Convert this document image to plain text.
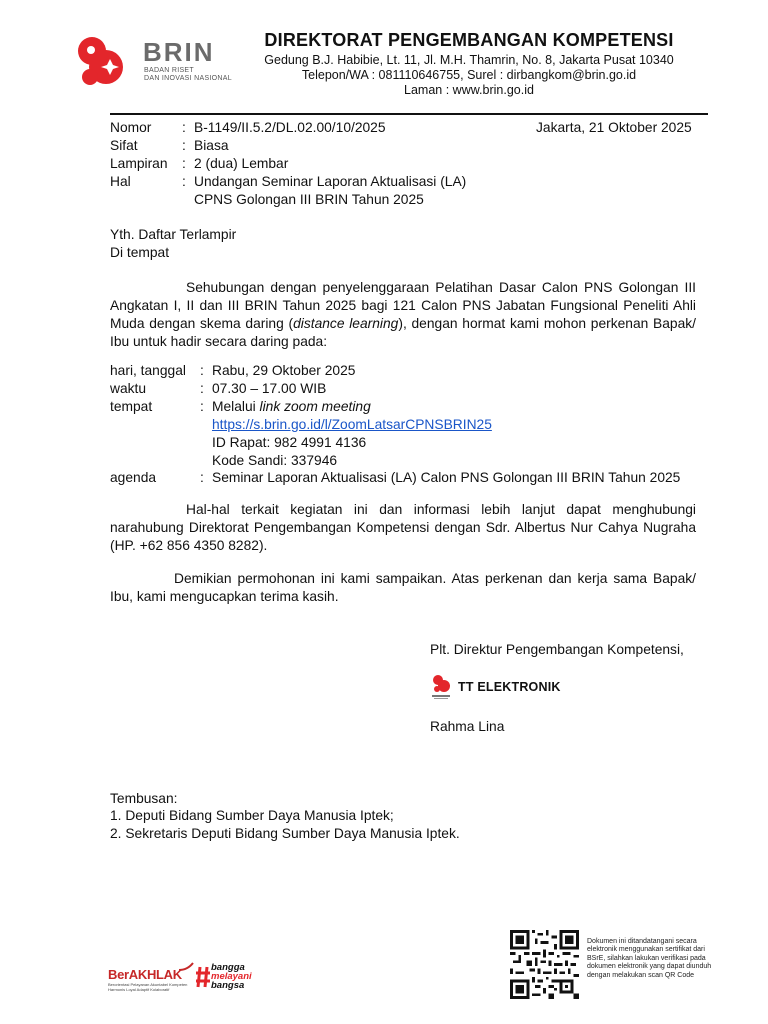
BRIN
BADAN RISET
DAN INOVASI NASIONAL
DIREKTORAT PENGEMBANGAN KOMPETENSI
Gedung B.J. Habibie, Lt. 11, Jl. M.H. Thamrin, No. 8, Jakarta Pusat 10340
Telepon/WA : 081110646755, Surel : dirbangkom@brin.go.id
Laman : www.brin.go.id
Nomor : B-1149/II.5.2/DL.02.00/10/2025	Jakarta, 21 Oktober 2025
Sifat	: Biasa
Lampiran : 2 (dua) Lembar
Hal	: Undangan Seminar Laporan Aktualisasi (LA)
CPNS Golongan III BRIN Tahun 2025
Yth. Daftar Terlampir
Di tempat
Sehubungan dengan penyelenggaraan Pelatihan Dasar Calon PNS Golongan III Angkatan I, II dan III BRIN Tahun 2025 bagi 121 Calon PNS Jabatan Fungsional Peneliti Ahli Muda dengan skema daring (distance learning), dengan hormat kami mohon perkenan Bapak/ Ibu untuk hadir secara daring pada:
hari, tanggal : Rabu, 29 Oktober 2025
waktu	: 07.30 – 17.00 WIB
tempat	: Melalui link zoom meeting
https://s.brin.go.id/l/ZoomLatsarCPNSBRIN25
ID Rapat: 982 4991 4136
Kode Sandi: 337946
agenda	: Seminar Laporan Aktualisasi (LA) Calon PNS Golongan III BRIN Tahun 2025
Hal-hal terkait kegiatan ini dan informasi lebih lanjut dapat menghubungi narahubung Direktorat Pengembangan Kompetensi dengan Sdr. Albertus Nur Cahya Nugraha (HP. +62 856 4350 8282).
Demikian permohonan ini kami sampaikan. Atas perkenan dan kerja sama Bapak/ Ibu, kami mengucapkan terima kasih.
Plt. Direktur Pengembangan Kompetensi,
TT ELEKTRONIK
Rahma Lina
Tembusan:
1. Deputi Bidang Sumber Daya Manusia Iptek;
2. Sekretaris Deputi Bidang Sumber Daya Manusia Iptek.
BerAKHLAK
Berorientasi Pelayanan Akuntabel Kompeten Harmonis Loyal Adaptif Kolaboratif
bangga
melayani
bangsa
Dokumen ini ditandatangani secara elektronik menggunakan sertifikat dari BSrE, silahkan lakukan verifikasi pada dokumen elektronik yang dapat diunduh dengan melakukan scan QR Code
